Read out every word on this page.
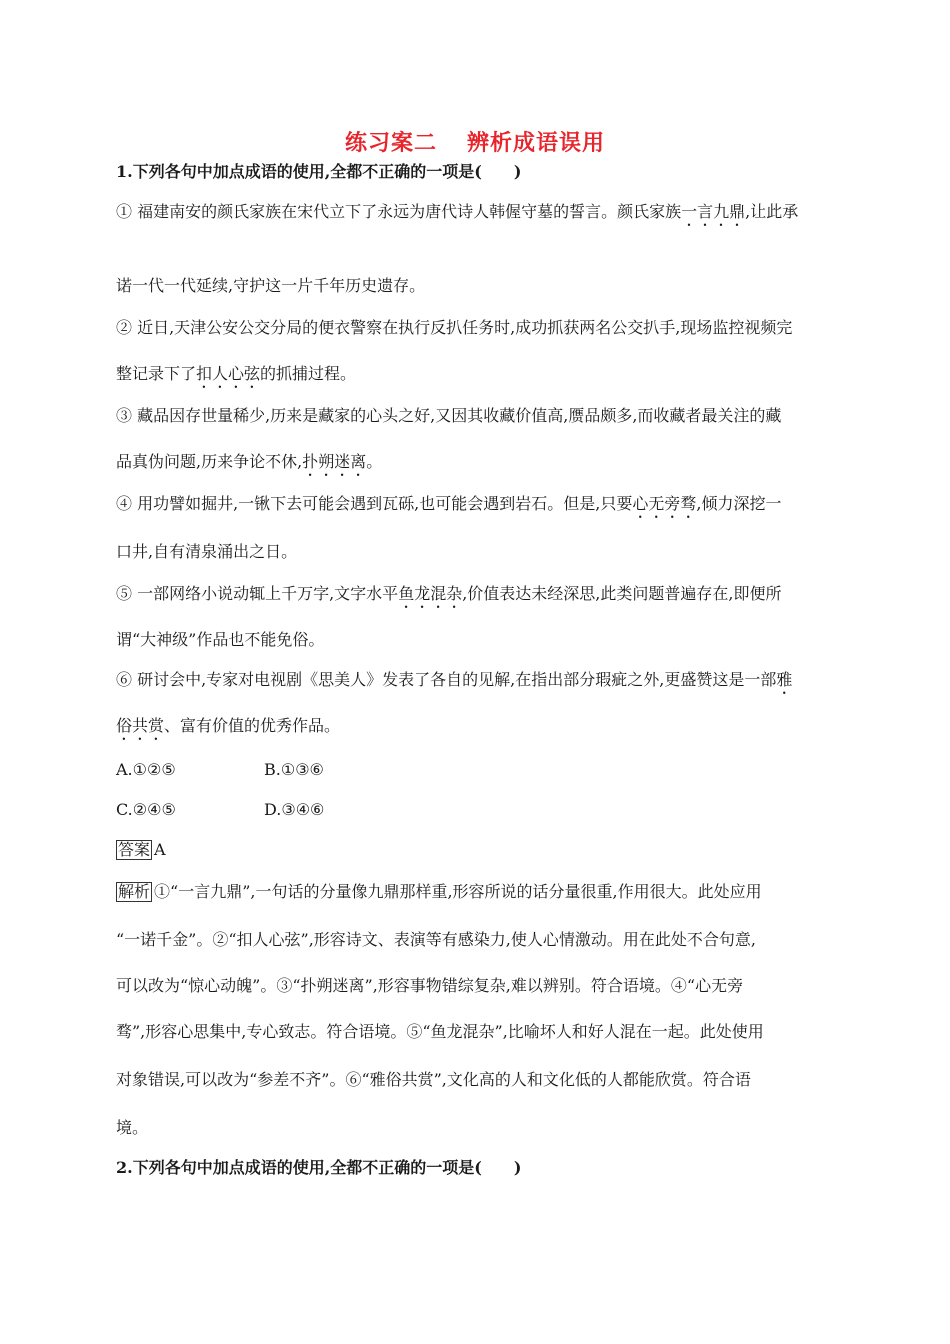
练习案二 辨析成语误用
1.下列各句中加点成语的使用,全都不正确的一项是(　　)
① 福建南安的颜氏家族在宋代立下了永远为唐代诗人韩偓守墓的誓言。颜氏家族一言九鼎,让此承
诺一代一代延续,守护这一片千年历史遗存。
② 近日,天津公安公交分局的便衣警察在执行反扒任务时,成功抓获两名公交扒手,现场监控视频完
整记录下了扣人心弦的抓捕过程。
③ 藏品因存世量稀少,历来是藏家的心头之好,又因其收藏价值高,赝品颇多,而收藏者最关注的藏
品真伪问题,历来争论不休,扑朔迷离。
④ 用功譬如掘井,一锹下去可能会遇到瓦砾,也可能会遇到岩石。但是,只要心无旁骛,倾力深挖一
口井,自有清泉涌出之日。
⑤ 一部网络小说动辄上千万字,文字水平鱼龙混杂,价值表达未经深思,此类问题普遍存在,即便所
谓“大神级”作品也不能免俗。
⑥ 研讨会中,专家对电视剧《思美人》发表了各自的见解,在指出部分瑕疵之外,更盛赞这是一部雅
俗共赏、富有价值的优秀作品。
A.①②⑤	B.①③⑥
C.②④⑤	D.③④⑥
答案 A
解析 ①“一言九鼎”,一句话的分量像九鼎那样重,形容所说的话分量很重,作用很大。此处应用
“一诺千金”。②“扣人心弦”,形容诗文、表演等有感染力,使人心情激动。用在此处不合句意,
可以改为“惊心动魄”。③“扑朔迷离”,形容事物错综复杂,难以辨别。符合语境。④“心无旁
骛”,形容心思集中,专心致志。符合语境。⑤“鱼龙混杂”,比喻坏人和好人混在一起。此处使用
对象错误,可以改为“参差不齐”。⑥“雅俗共赏”,文化高的人和文化低的人都能欣赏。符合语
境。
2.下列各句中加点成语的使用,全都不正确的一项是(　　)
